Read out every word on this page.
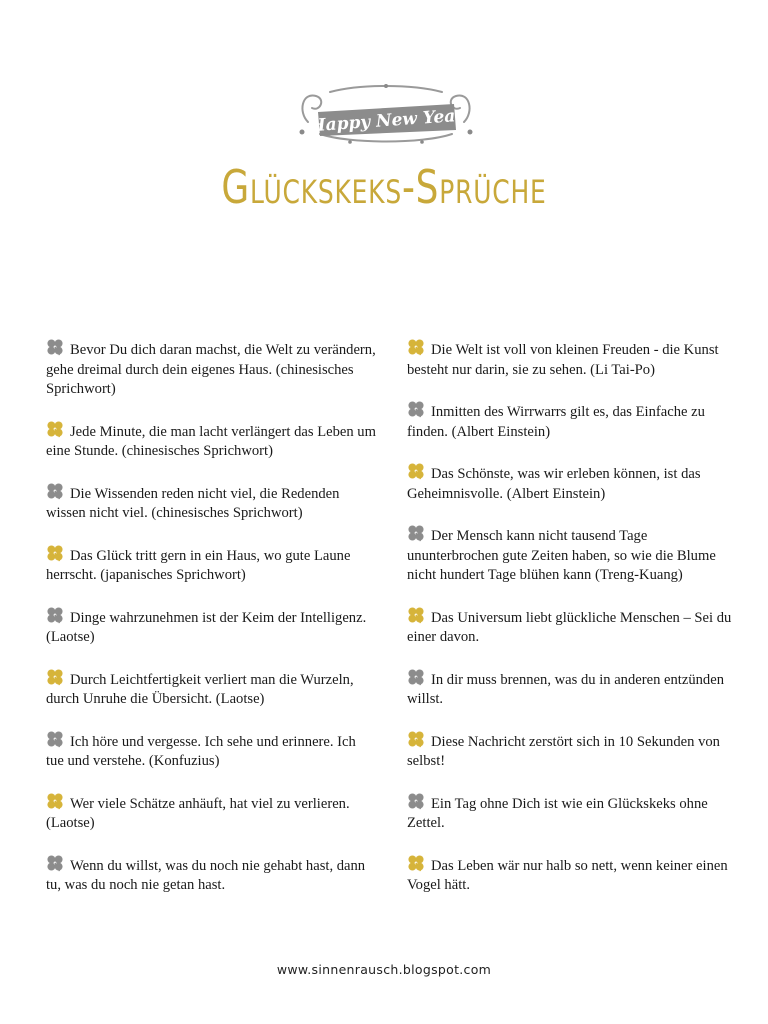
Happy New Year
Glückskeks-Sprüche
Bevor Du dich daran machst, die Welt zu verändern, gehe dreimal durch dein eigenes Haus. (chinesisches Sprichwort)
Jede Minute, die man lacht verlängert das Leben um eine Stunde. (chinesisches Sprichwort)
Die Wissenden reden nicht viel, die Redenden wissen nicht viel. (chinesisches Sprichwort)
Das Glück tritt gern in ein Haus, wo gute Laune herrscht. (japanisches Sprichwort)
Dinge wahrzunehmen ist der Keim der Intelligenz. (Laotse)
Durch Leichtfertigkeit verliert man die Wurzeln, durch Unruhe die Übersicht. (Laotse)
Ich höre und vergesse. Ich sehe und erinnere. Ich tue und verstehe. (Konfuzius)
Wer viele Schätze anhäuft, hat viel zu verlieren. (Laotse)
Wenn du willst, was du noch nie gehabt hast, dann tu, was du noch nie getan hast.
Die Welt ist voll von kleinen Freuden - die Kunst besteht nur darin, sie zu sehen. (Li Tai-Po)
Inmitten des Wirrwarrs gilt es, das Einfache zu finden. (Albert Einstein)
Das Schönste, was wir erleben können, ist das Geheimnisvolle. (Albert Einstein)
Der Mensch kann nicht tausend Tage ununterbrochen gute Zeiten haben, so wie die Blume nicht hundert Tage blühen kann (Treng-Kuang)
Das Universum liebt glückliche Menschen – Sei du einer davon.
In dir muss brennen, was du in anderen entzünden willst.
Diese Nachricht zerstört sich in 10 Sekunden von selbst!
Ein Tag ohne Dich ist wie ein Glückskeks ohne Zettel.
Das Leben wär nur halb so nett, wenn keiner einen Vogel hätt.
www.sinnenrausch.blogspot.com
